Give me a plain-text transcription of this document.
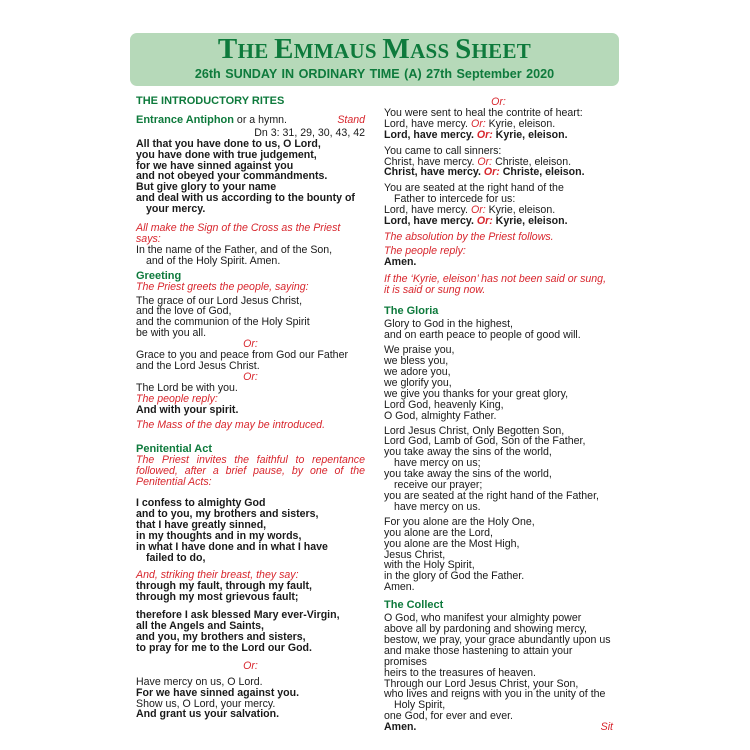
THE EMMAUS MASS SHEET
26th SUNDAY IN ORDINARY TIME (A) 27th September 2020
THE INTRODUCTORY RITES
Entrance Antiphon or a hymn.	Stand
Dn 3: 31, 29, 30, 43, 42
All that you have done to us, O Lord,
you have done with true judgement,
for we have sinned against you
and not obeyed your commandments.
But give glory to your name
and deal with us according to the bounty of
your mercy.
All make the Sign of the Cross as the Priest says:
In the name of the Father, and of the Son,
and of the Holy Spirit. Amen.
Greeting
The Priest greets the people, saying:
The grace of our Lord Jesus Christ,
and the love of God,
and the communion of the Holy Spirit
be with you all.
Or:
Grace to you and peace from God our Father
and the Lord Jesus Christ.
Or:
The Lord be with you.
The people reply:
And with your spirit.
The Mass of the day may be introduced.
Penitential Act
The Priest invites the faithful to repentance followed, after a brief pause, by one of the Penitential Acts:
I confess to almighty God
and to you, my brothers and sisters,
that I have greatly sinned,
in my thoughts and in my words,
in what I have done and in what I have
failed to do,
And, striking their breast, they say:
through my fault, through my fault,
through my most grievous fault;
therefore I ask blessed Mary ever-Virgin,
all the Angels and Saints,
and you, my brothers and sisters,
to pray for me to the Lord our God.
Or:
Have mercy on us, O Lord.
For we have sinned against you.
Show us, O Lord, your mercy.
And grant us your salvation.
Or:
You were sent to heal the contrite of heart:
Lord, have mercy. Or: Kyrie, eleison.
Lord, have mercy. Or: Kyrie, eleison.
You came to call sinners:
Christ, have mercy. Or: Christe, eleison.
Christ, have mercy. Or: Christe, eleison.
You are seated at the right hand of the
Father to intercede for us:
Lord, have mercy. Or: Kyrie, eleison.
Lord, have mercy. Or: Kyrie, eleison.
The absolution by the Priest follows.
The people reply:
Amen.
If the ‘Kyrie, eleison’ has not been said or sung, it is said or sung now.
The Gloria
Glory to God in the highest,
and on earth peace to people of good will.
We praise you,
we bless you,
we adore you,
we glorify you,
we give you thanks for your great glory,
Lord God, heavenly King,
O God, almighty Father.
Lord Jesus Christ, Only Begotten Son,
Lord God, Lamb of God, Son of the Father,
you take away the sins of the world,
have mercy on us;
you take away the sins of the world,
receive our prayer;
you are seated at the right hand of the Father,
have mercy on us.
For you alone are the Holy One,
you alone are the Lord,
you alone are the Most High,
Jesus Christ,
with the Holy Spirit,
in the glory of God the Father.
Amen.
The Collect
O God, who manifest your almighty power
above all by pardoning and showing mercy,
bestow, we pray, your grace abundantly upon us
and make those hastening to attain your promises
heirs to the treasures of heaven.
Through our Lord Jesus Christ, your Son,
who lives and reigns with you in the unity of the
Holy Spirit,
one God, for ever and ever.
Amen.	Sit
